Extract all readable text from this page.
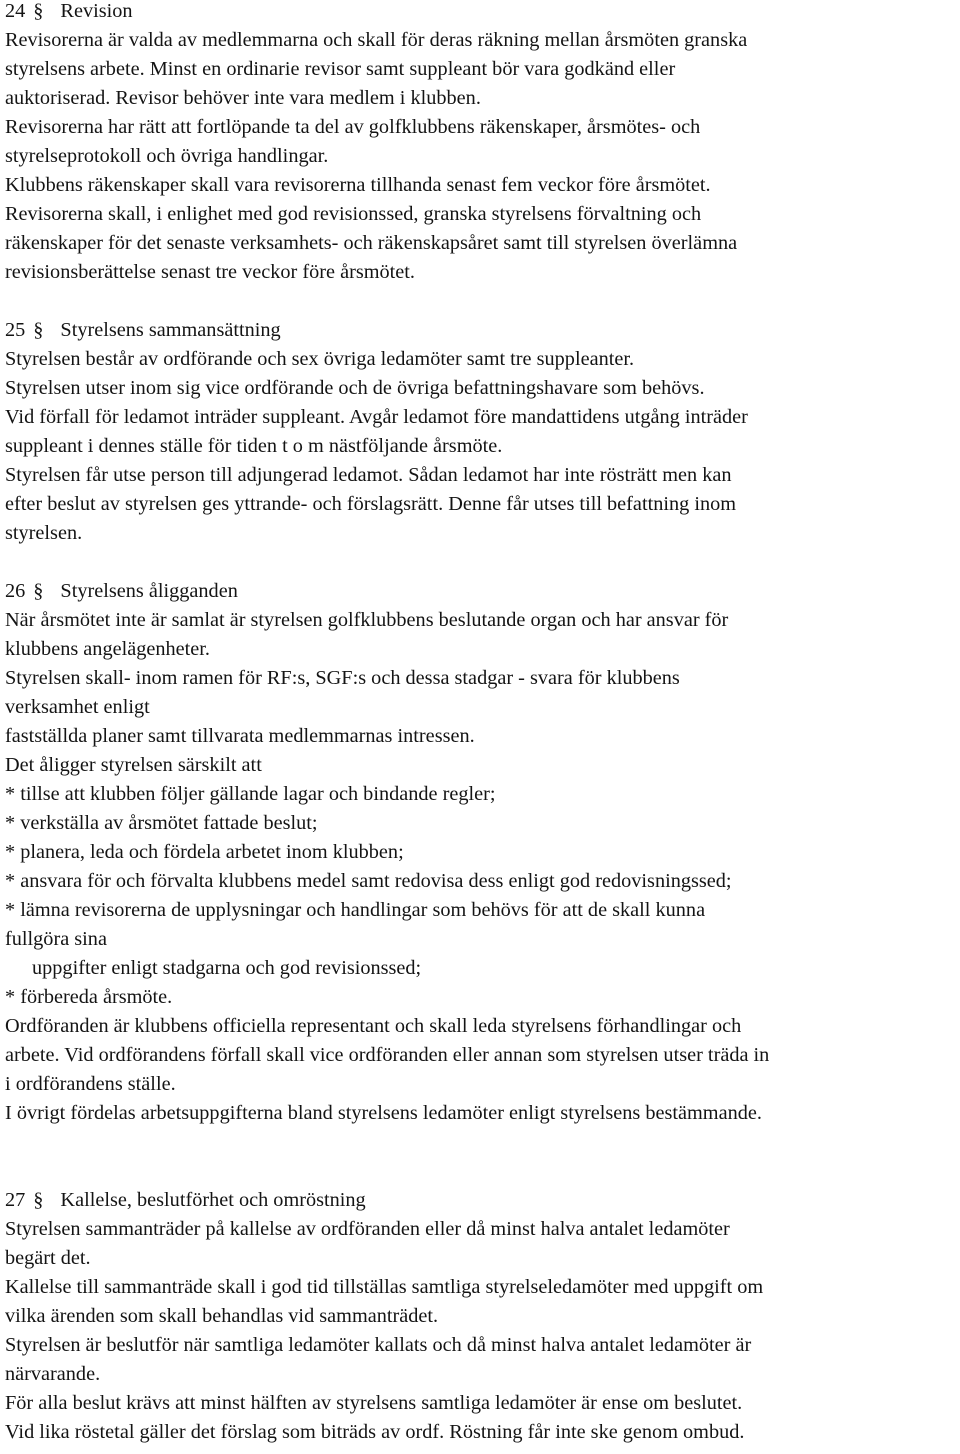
24 § Revision
Revisorerna är valda av medlemmarna och skall för deras räkning mellan årsmöten granska
styrelsens arbete. Minst en ordinarie revisor samt suppleant bör vara godkänd eller
auktoriserad. Revisor behöver inte vara medlem i klubben.
Revisorerna har rätt att fortlöpande ta del av golfklubbens räkenskaper, årsmötes- och
styrelseprotokoll och övriga handlingar.
Klubbens räkenskaper skall vara revisorerna tillhanda senast fem veckor före årsmötet.
Revisorerna skall, i enlighet med god revisionssed, granska styrelsens förvaltning och
räkenskaper för det senaste verksamhets- och räkenskapsåret samt till styrelsen överlämna
revisionsberättelse senast tre veckor före årsmötet.
25 § Styrelsens sammansättning
Styrelsen består av ordförande och sex övriga ledamöter samt tre suppleanter.
Styrelsen utser inom sig vice ordförande och de övriga befattningshavare som behövs.
Vid förfall för ledamot inträder suppleant. Avgår ledamot före mandattidens utgång inträder
suppleant i dennes ställe för tiden t o m nästföljande årsmöte.
Styrelsen får utse person till adjungerad ledamot. Sådan ledamot har inte rösträtt men kan
efter beslut av styrelsen ges yttrande- och förslagsrätt. Denne får utses till befattning inom
styrelsen.
26 § Styrelsens åligganden
När årsmötet inte är samlat är styrelsen golfklubbens beslutande organ och har ansvar för
klubbens angelägenheter.
Styrelsen skall- inom ramen för RF:s, SGF:s och dessa stadgar - svara för klubbens
verksamhet enligt
fastställda planer samt tillvarata medlemmarnas intressen.
Det åligger styrelsen särskilt att
* tillse att klubben följer gällande lagar och bindande regler;
* verkställa av årsmötet fattade beslut;
* planera, leda och fördela arbetet inom klubben;
* ansvara för och förvalta klubbens medel samt redovisa dess enligt god redovisningssed;
* lämna revisorerna de upplysningar och handlingar som behövs för att de skall kunna
fullgöra sina
uppgifter enligt stadgarna och god revisionssed;
* förbereda årsmöte.
Ordföranden är klubbens officiella representant och skall leda styrelsens förhandlingar och
arbete. Vid ordförandens förfall skall vice ordföranden eller annan som styrelsen utser träda in
i ordförandens ställe.
I övrigt fördelas arbetsuppgifterna bland styrelsens ledamöter enligt styrelsens bestämmande.
27 § Kallelse, beslutförhet och omröstning
Styrelsen sammanträder på kallelse av ordföranden eller då minst halva antalet ledamöter
begärt det.
Kallelse till sammanträde skall i god tid tillställas samtliga styrelseledamöter med uppgift om
vilka ärenden som skall behandlas vid sammanträdet.
Styrelsen är beslutför när samtliga ledamöter kallats och då minst halva antalet ledamöter är
närvarande.
För alla beslut krävs att minst hälften av styrelsens samtliga ledamöter är ense om beslutet.
Vid lika röstetal gäller det förslag som biträds av ordf. Röstning får inte ske genom ombud.
